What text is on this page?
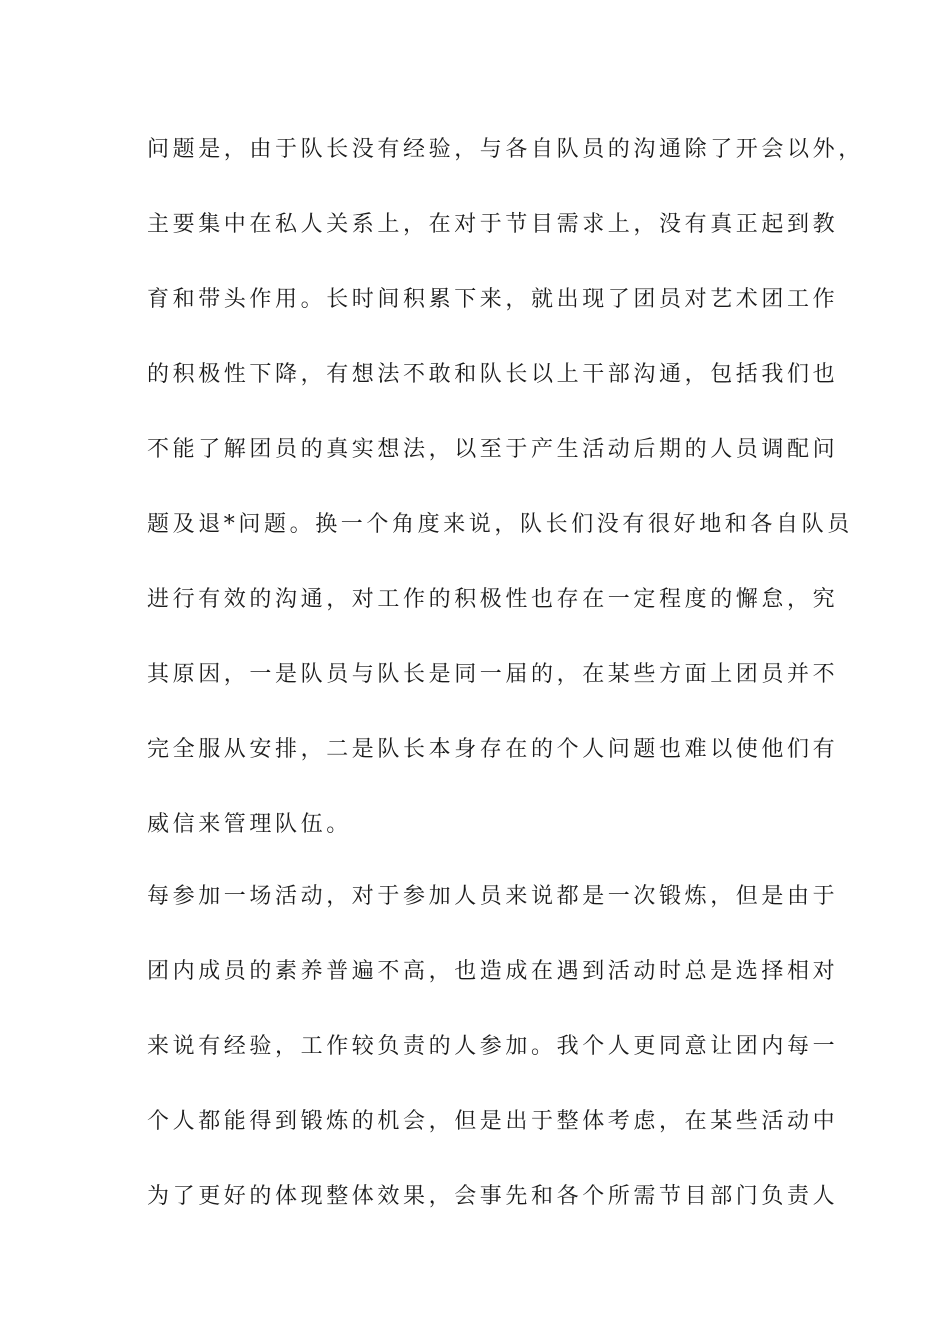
问题是，由于队长没有经验，与各自队员的沟通除了开会以外，
主要集中在私人关系上，在对于节目需求上，没有真正起到教
育和带头作用。长时间积累下来，就出现了团员对艺术团工作
的积极性下降，有想法不敢和队长以上干部沟通，包括我们也
不能了解团员的真实想法，以至于产生活动后期的人员调配问
题及退*问题。换一个角度来说，队长们没有很好地和各自队员
进行有效的沟通，对工作的积极性也存在一定程度的懈怠，究
其原因，一是队员与队长是同一届的，在某些方面上团员并不
完全服从安排，二是队长本身存在的个人问题也难以使他们有
威信来管理队伍。
每参加一场活动，对于参加人员来说都是一次锻炼，但是由于
团内成员的素养普遍不高，也造成在遇到活动时总是选择相对
来说有经验，工作较负责的人参加。我个人更同意让团内每一
个人都能得到锻炼的机会，但是出于整体考虑，在某些活动中
为了更好的体现整体效果，会事先和各个所需节目部门负责人
